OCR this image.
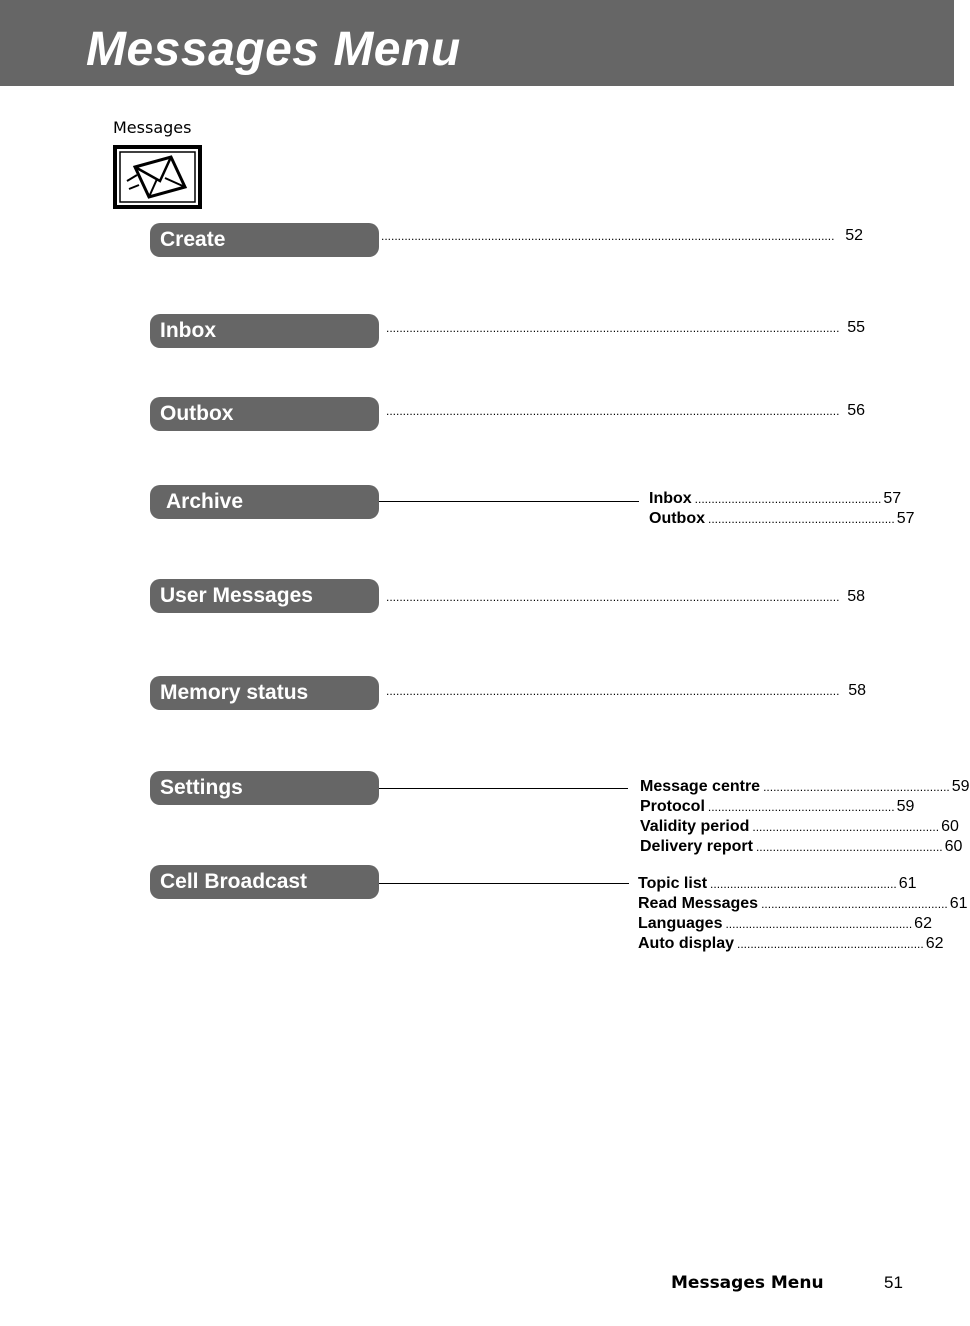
Messages Menu
Messages
Create	........................................................................................................................................ 52
Inbox	........................................................................................................................................ 55
Outbox	........................................................................................................................................ 56
Archive	Inbox ........................................................ 57
Outbox ........................................................ 57
User Messages	........................................................................................................................................ 58
Memory status	........................................................................................................................................ 58
Settings	Message centre ........................................................ 59
Protocol ........................................................ 59
Validity period ........................................................ 60
Delivery report ........................................................ 60
Cell Broadcast	Topic list ........................................................ 61
Read Messages ........................................................ 61
Languages ........................................................ 62
Auto display ........................................................ 62
Messages Menu	51
